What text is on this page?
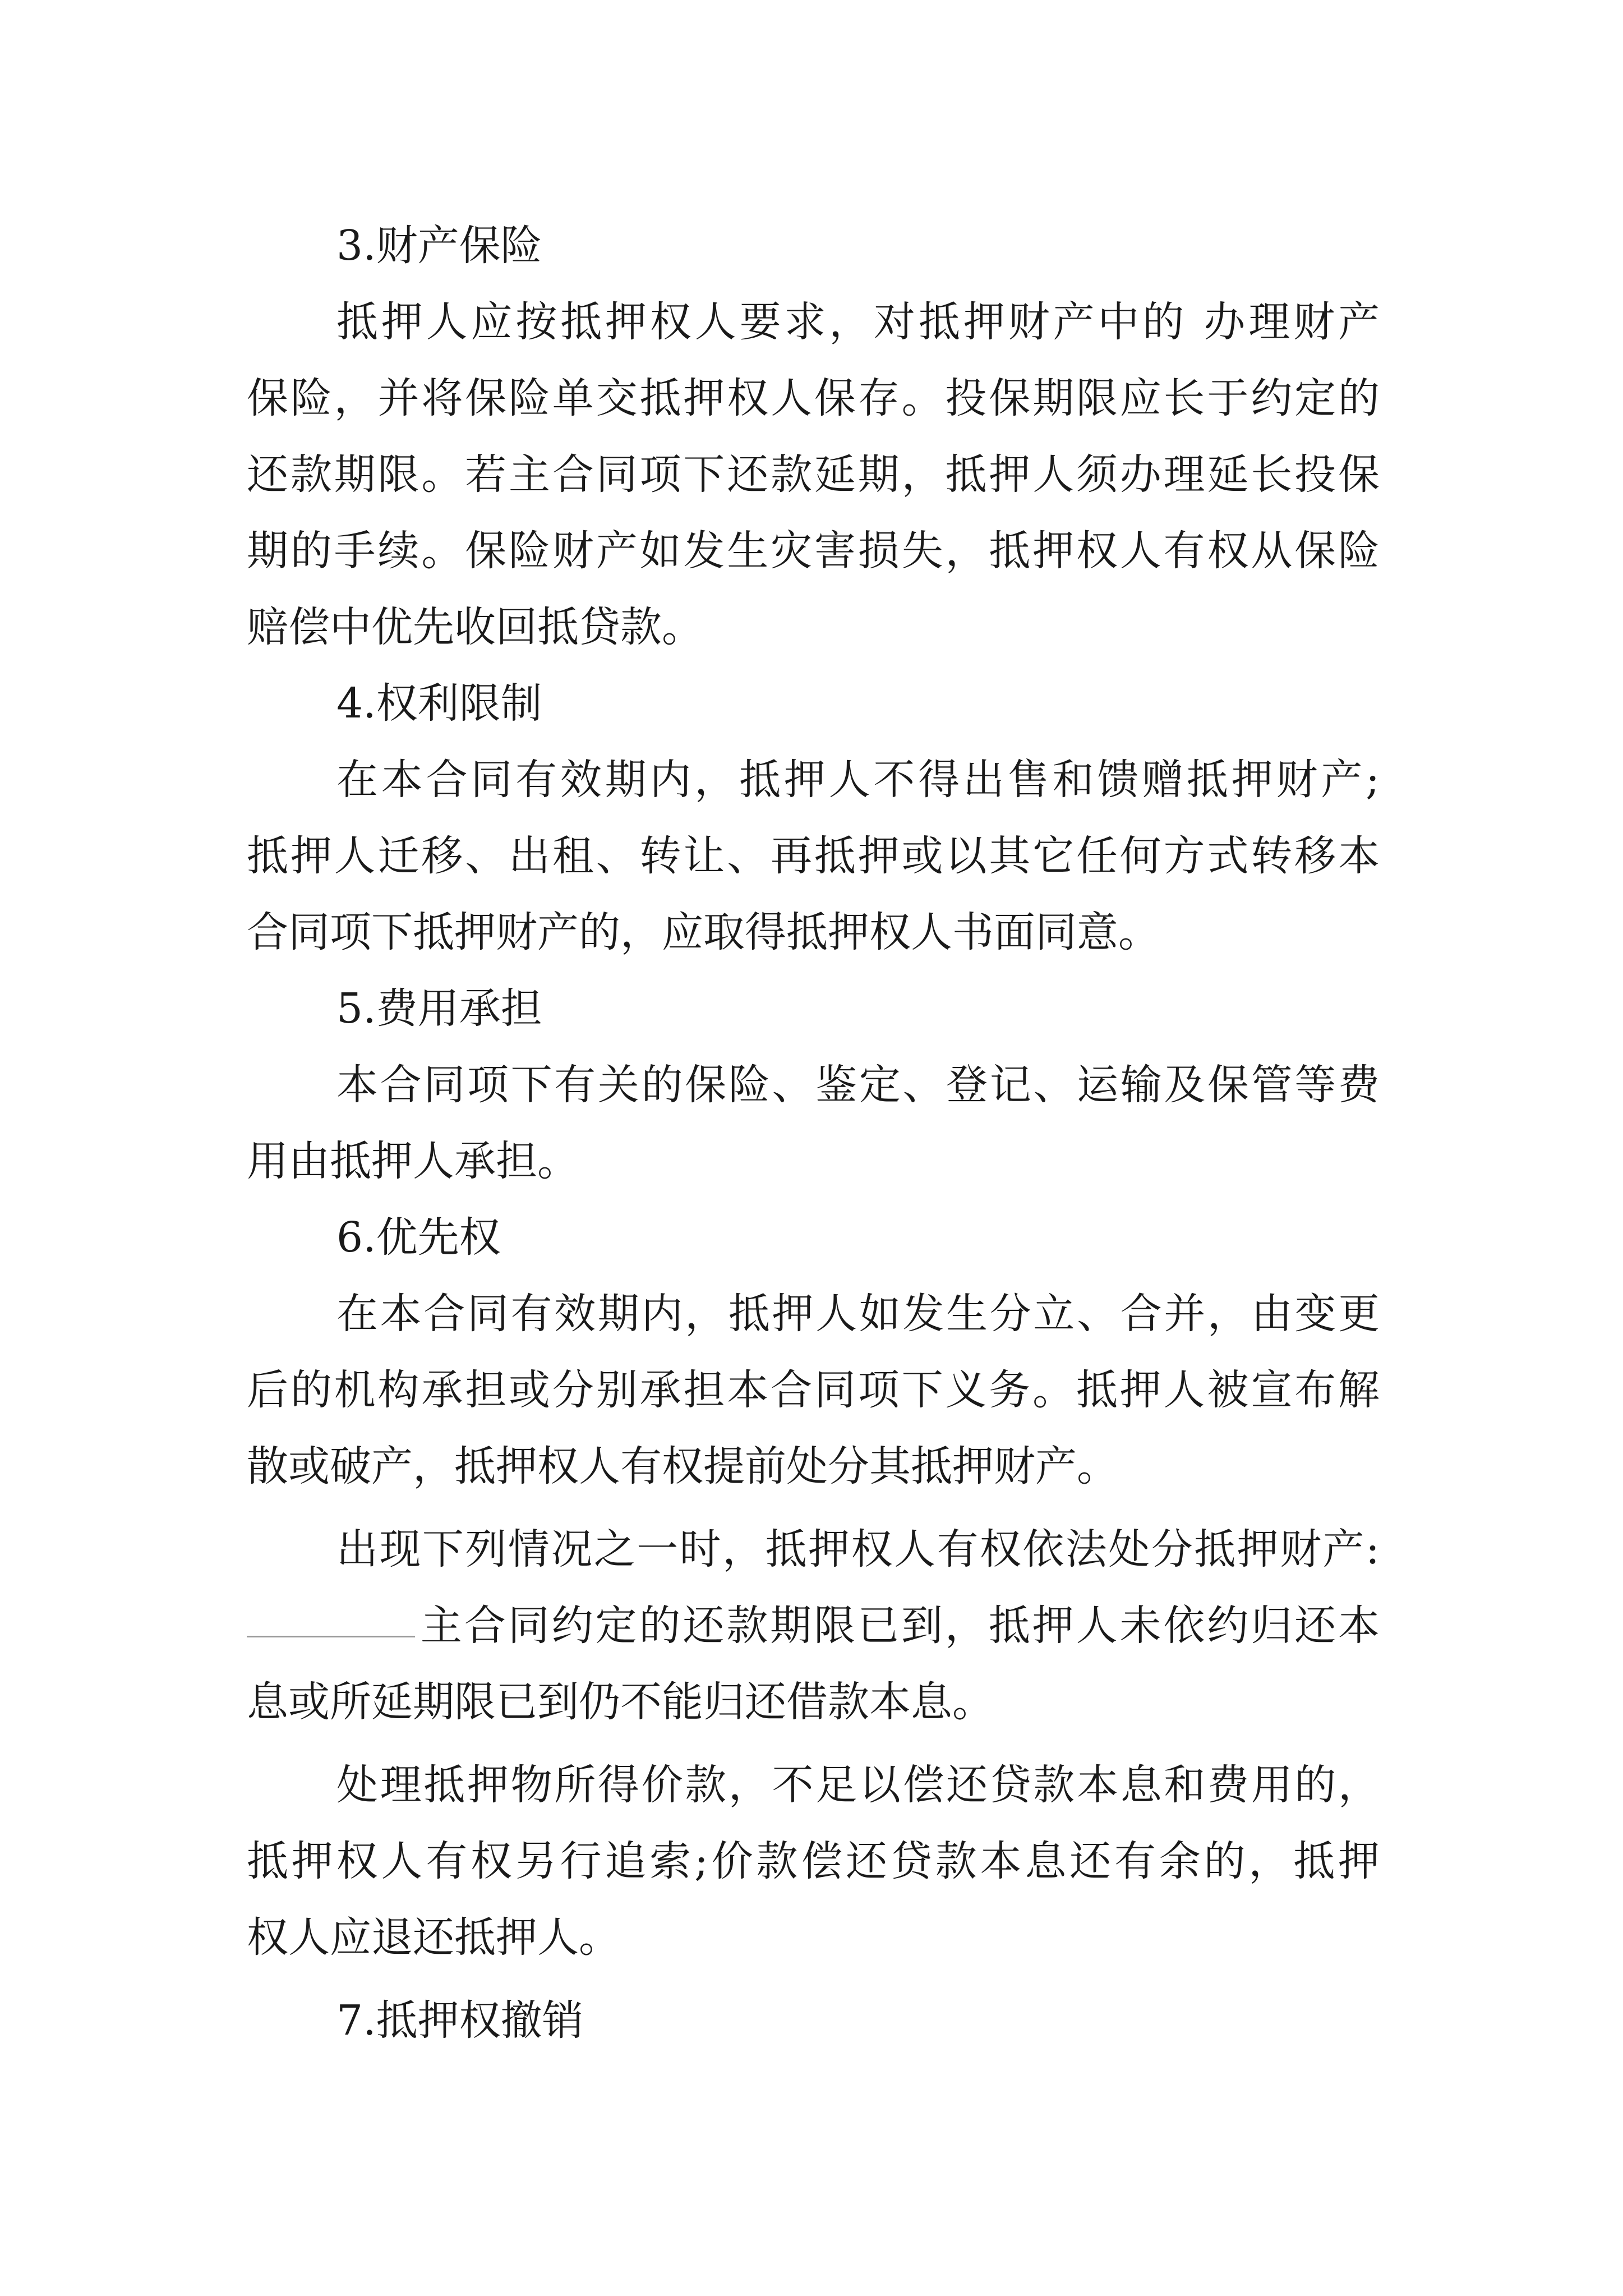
3.财产保险
抵押人应按抵押权人要求，对抵押财产中的 办理财产
保险，并将保险单交抵押权人保存。投保期限应长于约定的
还款期限。若主合同项下还款延期，抵押人须办理延长投保
期的手续。保险财产如发生灾害损失，抵押权人有权从保险
赔偿中优先收回抵贷款。
4.权利限制
在本合同有效期内，抵押人不得出售和馈赠抵押财产;
抵押人迁移、出租、转让、再抵押或以其它任何方式转移本
合同项下抵押财产的，应取得抵押权人书面同意。
5.费用承担
本合同项下有关的保险、鉴定、登记、运输及保管等费
用由抵押人承担。
6.优先权
在本合同有效期内，抵押人如发生分立、合并，由变更
后的机构承担或分别承担本合同项下义务。抵押人被宣布解
散或破产，抵押权人有权提前处分其抵押财产。
出现下列情况之一时，抵押权人有权依法处分抵押财产:
主合同约定的还款期限已到，抵押人未依约归还本
息或所延期限已到仍不能归还借款本息。
处理抵押物所得价款，不足以偿还贷款本息和费用的，
抵押权人有权另行追索;价款偿还贷款本息还有余的，抵押
权人应退还抵押人。
7.抵押权撤销
